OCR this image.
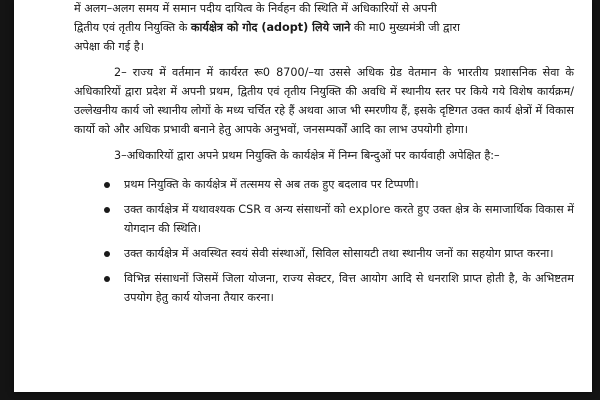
में अलग–अलग समय में समान पदीय दायित्व के निर्वहन की स्थिति में अधिकारियों से अपनी
द्वितीय एवं तृतीय नियुक्ति के कार्यक्षेत्र को गोद (adopt) लिये जाने की मा0 मुख्यमंत्री जी द्वारा
अपेक्षा की गई है।

2– राज्य में वर्तमान में कार्यरत रू0 8700/–या उससे अधिक ग्रेड वेतमान के भारतीय प्रशासनिक सेवा के अधिकारियों द्वारा प्रदेश में अपनी प्रथम, द्वितीय एवं तृतीय नियुक्ति की अवधि में स्थानीय स्तर पर किये गये विशेष कार्यक्रम/उल्लेखनीय कार्य जो स्थानीय लोगों के मध्य चर्चित रहे हैं अथवा आज भी स्मरणीय हैं, इसके दृष्टिगत उक्त कार्य क्षेत्रों में विकास कार्यो को और अधिक प्रभावी बनाने हेतु आपके अनुभवों, जनसम्पर्कों आदि का लाभ उपयोगी होगा।

3–अधिकारियों द्वारा अपने प्रथम नियुक्ति के कार्यक्षेत्र में निम्न बिन्दुओं पर कार्यवाही अपेक्षित है:–

प्रथम नियुक्ति के कार्यक्षेत्र में तत्समय से अब तक हुए बदलाव पर टिप्पणी।
उक्त कार्यक्षेत्र में यथावश्यक CSR व अन्य संसाधनों को explore करते हुए उक्त क्षेत्र के समाजार्थिक विकास में योगदान की स्थिति।
उक्त कार्यक्षेत्र में अवस्थित स्वयं सेवी संस्थाओं, सिविल सोसायटी तथा स्थानीय जनों का सहयोग प्राप्त करना।
विभिन्न संसाधनों जिसमें जिला योजना, राज्य सेक्टर, वित्त आयोग आदि से धनराशि प्राप्त होती है, के अभिष्टतम उपयोग हेतु कार्य योजना तैयार करना।
